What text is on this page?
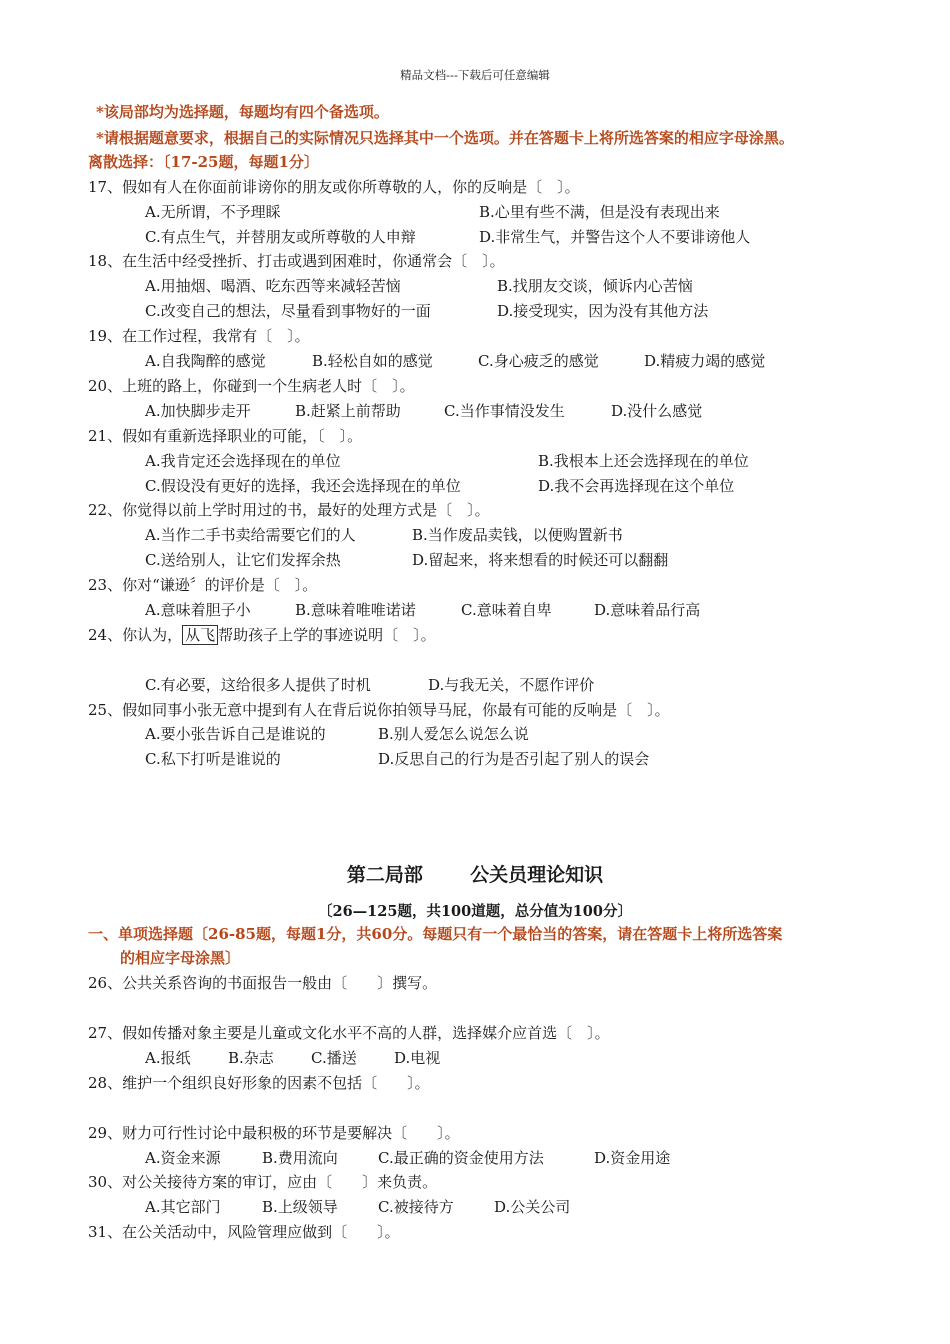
精品文档---下载后可任意编辑
*该局部均为选择题，每题均有四个备选项。
*请根据题意要求，根据自己的实际情况只选择其中一个选项。并在答题卡上将所选答案的相应字母涂黑。
离散选择：〔17-25题，每题1分〕
17、假如有人在你面前诽谤你的朋友或你所尊敬的人，你的反响是〔　〕。
A.无所谓，不予理睬	B.心里有些不满，但是没有表现出来
C.有点生气，并替朋友或所尊敬的人申辩	D.非常生气，并警告这个人不要诽谤他人
18、在生活中经受挫折、打击或遇到困难时，你通常会〔　〕。
A.用抽烟、喝酒、吃东西等来减轻苦恼	B.找朋友交谈，倾诉内心苦恼
C.改变自己的想法，尽量看到事物好的一面	D.接受现实，因为没有其他方法
19、在工作过程，我常有〔　〕。
A.自我陶醉的感觉	B.轻松自如的感觉	C.身心疲乏的感觉	D.精疲力竭的感觉
20、上班的路上，你碰到一个生病老人时〔　〕。
A.加快脚步走开	B.赶紧上前帮助	C.当作事情没发生	D.没什么感觉
21、假如有重新选择职业的可能，〔　〕。
A.我肯定还会选择现在的单位	B.我根本上还会选择现在的单位
C.假设没有更好的选择，我还会选择现在的单位	D.我不会再选择现在这个单位
22、你觉得以前上学时用过的书，最好的处理方式是〔　〕。
A.当作二手书卖给需要它们的人	B.当作废品卖钱，以便购置新书
C.送给别人，让它们发挥余热	D.留起来，将来想看的时候还可以翻翻
23、你对“谦逊〞的评价是〔　〕。
A.意味着胆子小	B.意味着唯唯诺诺	C.意味着自卑	D.意味着品行高
24、你认为， 从飞 帮助孩子上学的事迹说明〔　〕。
C.有必要，这给很多人提供了时机	D.与我无关，不愿作评价
25、假如同事小张无意中提到有人在背后说你拍领导马屁，你最有可能的反响是〔　〕。
A.要小张告诉自己是谁说的	B.别人爱怎么说怎么说
C.私下打听是谁说的	D.反思自己的行为是否引起了别人的误会
第二局部 公关员理论知识
〔26—125题，共100道题，总分值为100分〕
一、单项选择题〔26-85题，每题1分，共60分。每题只有一个最恰当的答案，请在答题卡上将所选答案
的相应字母涂黑〕
26、公共关系咨询的书面报告一般由〔　　〕撰写。
27、假如传播对象主要是儿童或文化水平不高的人群，选择媒介应首选〔　〕。
A.报纸 B.杂志 C.播送 D.电视
28、维护一个组织良好形象的因素不包括〔　　〕。
29、财力可行性讨论中最积极的环节是要解决〔　　〕。
A.资金来源	B.费用流向	C.最正确的资金使用方法	D.资金用途
30、对公关接待方案的审订，应由〔　　〕来负责。
A.其它部门	B.上级领导	C.被接待方	D.公关公司
31、在公关活动中，风险管理应做到〔　　〕。
